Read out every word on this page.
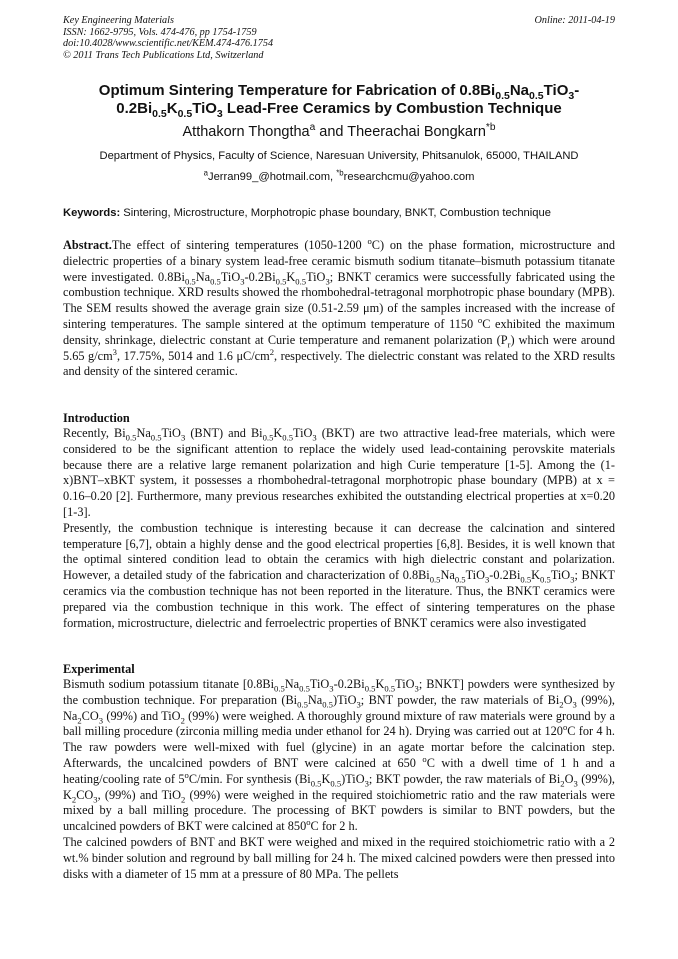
Key Engineering Materials
ISSN: 1662-9795, Vols. 474-476, pp 1754-1759
doi:10.4028/www.scientific.net/KEM.474-476.1754
© 2011 Trans Tech Publications Ltd, Switzerland
Online: 2011-04-19
Optimum Sintering Temperature for Fabrication of $0.8Bi_{0.5}Na_{0.5}TiO_3-$
$0.2Bi_{0.5}K_{0.5}TiO_3$ Lead-Free Ceramics by Combustion Technique
Atthakorn Thongtha$^a$ and Theerachai Bongkarn$^{*b}$
Department of Physics, Faculty of Science, Naresuan University, Phitsanulok, 65000, THAILAND
$^a$Jerran99_@hotmail.com, $^{*b}$researchcmu@yahoo.com
Keywords: Sintering, Microstructure, Morphotropic phase boundary, BNKT, Combustion technique

Abstract.The effect of sintering temperatures (1050-1200 $^o$C) on the phase formation, microstructure and dielectric properties of a binary system lead-free ceramic bismuth sodium titanate–bismuth potassium titanate were investigated. $0.8Bi_{0.5}Na_{0.5}TiO_3-0.2Bi_{0.5}K_{0.5}TiO_3$; BNKT ceramics were successfully fabricated using the combustion technique. XRD results showed the rhombohedral-tetragonal morphotropic phase boundary (MPB). The SEM results showed the average grain size (0.51-2.59 μm) of the samples increased with the increase of sintering temperatures. The sample sintered at the optimum temperature of 1150 $^o$C exhibited the maximum density, shrinkage, dielectric constant at Curie temperature and remanent polarization $(P_r)$ which were around 5.65 $g/cm^3$, 17.75%, 5014 and 1.6 $\mu C/cm^2$, respectively. The dielectric constant was related to the XRD results and density of the sintered ceramic.

Introduction

Recently, $Bi_{0.5}Na_{0.5}TiO_3$ (BNT) and $Bi_{0.5}K_{0.5}TiO_3$ (BKT) are two attractive lead-free materials, which were considered to be the significant attention to replace the widely used lead-containing perovskite materials because there are a relative large remanent polarization and high Curie temperature [1-5]. Among the (1-x)BNT–xBKT system, it possesses a rhombohedral-tetragonal morphotropic phase boundary (MPB) at x = 0.16–0.20 [2]. Furthermore, many previous researches exhibited the outstanding electrical properties at x=0.20 [1-3].

Presently, the combustion technique is interesting because it can decrease the calcination and sintered temperature [6,7], obtain a highly dense and the good electrical properties [6,8]. Besides, it is well known that the optimal sintered condition lead to obtain the ceramics with high dielectric constant and polarization. However, a detailed study of the fabrication and characterization of $0.8Bi_{0.5}Na_{0.5}TiO_3-0.2Bi_{0.5}K_{0.5}TiO_3$; BNKT ceramics via the combustion technique has not been reported in the literature. Thus, the BNKT ceramics were prepared via the combustion technique in this work. The effect of sintering temperatures on the phase formation, microstructure, dielectric and ferroelectric properties of BNKT ceramics were also investigated

Experimental

Bismuth sodium potassium titanate [$0.8Bi_{0.5}Na_{0.5}TiO_3-0.2Bi_{0.5}K_{0.5}TiO_3$; BNKT] powders were synthesized by the combustion technique. For preparation $(Bi_{0.5}Na_{0.5})TiO_3$; BNT powder, the raw materials of $Bi_2O_3$ (99%), $Na_2CO_3$ (99%) and TiO$_2$ (99%) were weighed. A thoroughly ground mixture of raw materials were ground by a ball milling procedure (zirconia milling media under ethanol for 24 h). Drying was carried out at 120$^o$C for 4 h. The raw powders were well-mixed with fuel (glycine) in an agate mortar before the calcination step. Afterwards, the uncalcined powders of BNT were calcined at 650 $^o$C with a dwell time of 1 h and a heating/cooling rate of 5$^o$C/min. For synthesis $(Bi_{0.5}K_{0.5})TiO_3$; BKT powder, the raw materials of $Bi_2O_3$ (99%), $K_2CO_3$, (99%) and TiO$_2$ (99%) were weighed in the required stoichiometric ratio and the raw materials were mixed by a ball milling procedure. The processing of BKT powders is similar to BNT powders, but the uncalcined powders of BKT were calcined at 850$^o$C for 2 h.

The calcined powders of BNT and BKT were weighed and mixed in the required stoichiometric ratio with a 2 wt.% binder solution and reground by ball milling for 24 h. The mixed calcined powders were then pressed into disks with a diameter of 15 mm at a pressure of 80 MPa. The pellets
